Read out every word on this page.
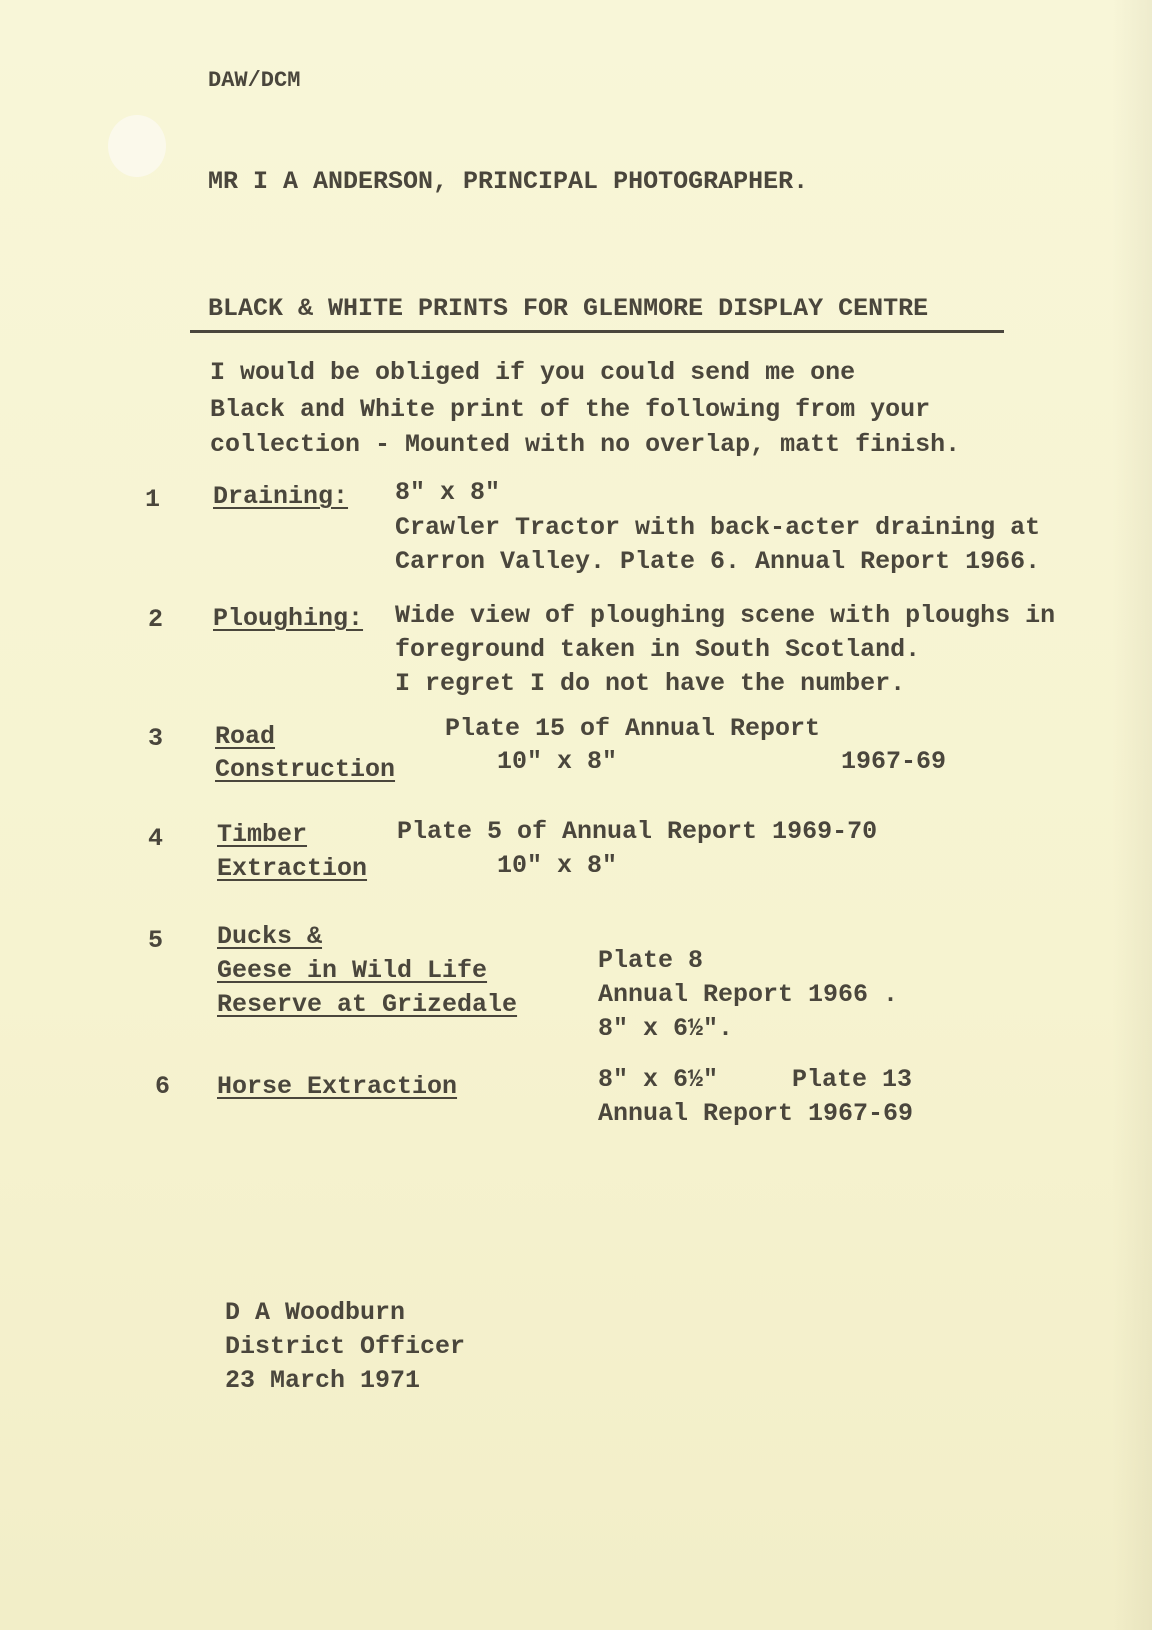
DAW/DCM
MR I A ANDERSON, PRINCIPAL PHOTOGRAPHER.
BLACK & WHITE PRINTS FOR GLENMORE DISPLAY CENTRE
I would be obliged if you could send me one
Black and White print of the following from your
collection - Mounted with no overlap, matt finish.
1 Draining: 8" x 8"
Crawler Tractor with back-acter draining at
Carron Valley. Plate 6. Annual Report 1966.
2 Ploughing: Wide view of ploughing scene with ploughs in
foreground taken in South Scotland.
I regret I do not have the number.
3 Road
Construction
Plate 15 of Annual Report
10" x 8"	1967-69
4 Timber
Extraction
Plate 5 of Annual Report 1969-70
10" x 8"
5 Ducks &
Geese in Wild Life
Reserve at Grizedale
Plate 8
Annual Report 1966 .
8" x 6½".
6 Horse Extraction	8" x 6½"	Plate 13
Annual Report 1967-69
D A Woodburn
District Officer
23 March 1971
